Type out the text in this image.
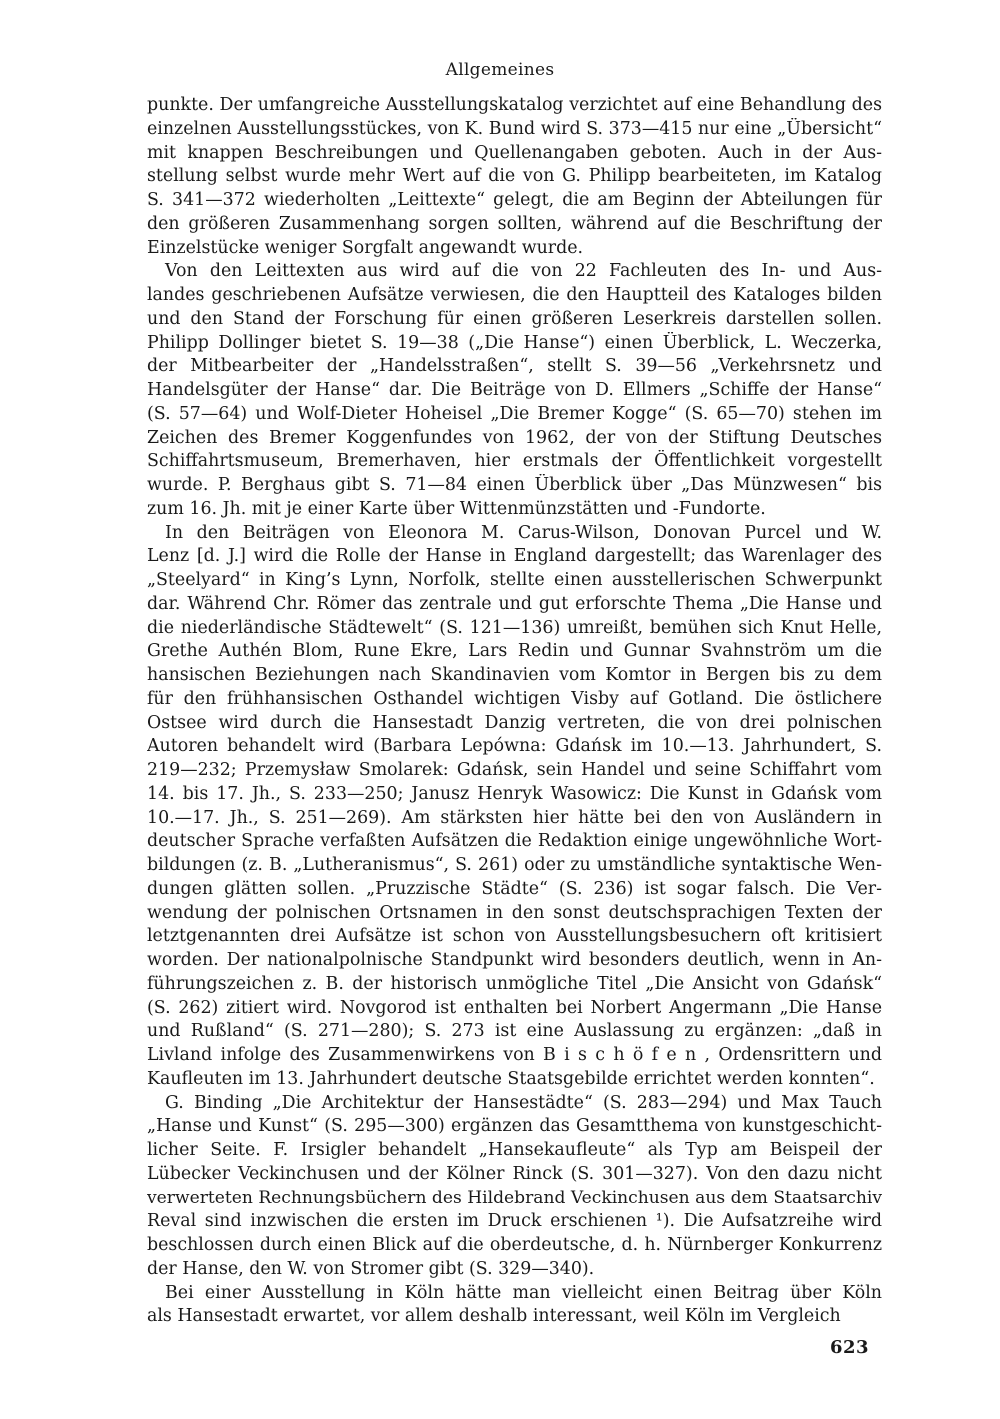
Allgemeines
punkte. Der umfangreiche Ausstellungskatalog verzichtet auf eine Behandlung des
einzelnen Ausstellungsstückes, von K. Bund wird S. 373—415 nur eine „Übersicht“
mit knappen Beschreibungen und Quellenangaben geboten. Auch in der Aus-
stellung selbst wurde mehr Wert auf die von G. Philipp bearbeiteten, im Katalog
S. 341—372 wiederholten „Leittexte“ gelegt, die am Beginn der Abteilungen für
den größeren Zusammenhang sorgen sollten, während auf die Beschriftung der
Einzelstücke weniger Sorgfalt angewandt wurde.
Von den Leittexten aus wird auf die von 22 Fachleuten des In- und Aus-
landes geschriebenen Aufsätze verwiesen, die den Hauptteil des Kataloges bilden
und den Stand der Forschung für einen größeren Leserkreis darstellen sollen.
Philipp Dollinger bietet S. 19—38 („Die Hanse“) einen Überblick, L. Weczerka,
der Mitbearbeiter der „Handelsstraßen“, stellt S. 39—56 „Verkehrsnetz und
Handelsgüter der Hanse“ dar. Die Beiträge von D. Ellmers „Schiffe der Hanse“
(S. 57—64) und Wolf-Dieter Hoheisel „Die Bremer Kogge“ (S. 65—70) stehen im
Zeichen des Bremer Koggenfundes von 1962, der von der Stiftung Deutsches
Schiffahrtsmuseum, Bremerhaven, hier erstmals der Öffentlichkeit vorgestellt
wurde. P. Berghaus gibt S. 71—84 einen Überblick über „Das Münzwesen“ bis
zum 16. Jh. mit je einer Karte über Wittenmünzstätten und -Fundorte.
In den Beiträgen von Eleonora M. Carus-Wilson, Donovan Purcel und W.
Lenz [d. J.] wird die Rolle der Hanse in England dargestellt; das Warenlager des
„Steelyard“ in King’s Lynn, Norfolk, stellte einen ausstellerischen Schwerpunkt
dar. Während Chr. Römer das zentrale und gut erforschte Thema „Die Hanse und
die niederländische Städtewelt“ (S. 121—136) umreißt, bemühen sich Knut Helle,
Grethe Authén Blom, Rune Ekre, Lars Redin und Gunnar Svahnström um die
hansischen Beziehungen nach Skandinavien vom Komtor in Bergen bis zu dem
für den frühhansischen Osthandel wichtigen Visby auf Gotland. Die östlichere
Ostsee wird durch die Hansestadt Danzig vertreten, die von drei polnischen
Autoren behandelt wird (Barbara Lepówna: Gdańsk im 10.—13. Jahrhundert, S.
219—232; Przemysław Smolarek: Gdańsk, sein Handel und seine Schiffahrt vom
14. bis 17. Jh., S. 233—250; Janusz Henryk Wasowicz: Die Kunst in Gdańsk vom
10.—17. Jh., S. 251—269). Am stärksten hier hätte bei den von Ausländern in
deutscher Sprache verfaßten Aufsätzen die Redaktion einige ungewöhnliche Wort-
bildungen (z. B. „Lutheranismus“, S. 261) oder zu umständliche syntaktische Wen-
dungen glätten sollen. „Pruzzische Städte“ (S. 236) ist sogar falsch. Die Ver-
wendung der polnischen Ortsnamen in den sonst deutschsprachigen Texten der
letztgenannten drei Aufsätze ist schon von Ausstellungsbesuchern oft kritisiert
worden. Der nationalpolnische Standpunkt wird besonders deutlich, wenn in An-
führungszeichen z. B. der historisch unmögliche Titel „Die Ansicht von Gdańsk“
(S. 262) zitiert wird. Novgorod ist enthalten bei Norbert Angermann „Die Hanse
und Rußland“ (S. 271—280); S. 273 ist eine Auslassung zu ergänzen: „daß in
Livland infolge des Zusammenwirkens von B i s c h ö f e n , Ordensrittern und
Kaufleuten im 13. Jahrhundert deutsche Staatsgebilde errichtet werden konnten“.
G. Binding „Die Architektur der Hansestädte“ (S. 283—294) und Max Tauch
„Hanse und Kunst“ (S. 295—300) ergänzen das Gesamtthema von kunstgeschicht-
licher Seite. F. Irsigler behandelt „Hansekaufleute“ als Typ am Beispeil der
Lübecker Veckinchusen und der Kölner Rinck (S. 301—327). Von den dazu nicht
verwerteten Rechnungsbüchern des Hildebrand Veckinchusen aus dem Staatsarchiv
Reval sind inzwischen die ersten im Druck erschienen ¹). Die Aufsatzreihe wird
beschlossen durch einen Blick auf die oberdeutsche, d. h. Nürnberger Konkurrenz
der Hanse, den W. von Stromer gibt (S. 329—340).
Bei einer Ausstellung in Köln hätte man vielleicht einen Beitrag über Köln
als Hansestadt erwartet, vor allem deshalb interessant, weil Köln im Vergleich
623
